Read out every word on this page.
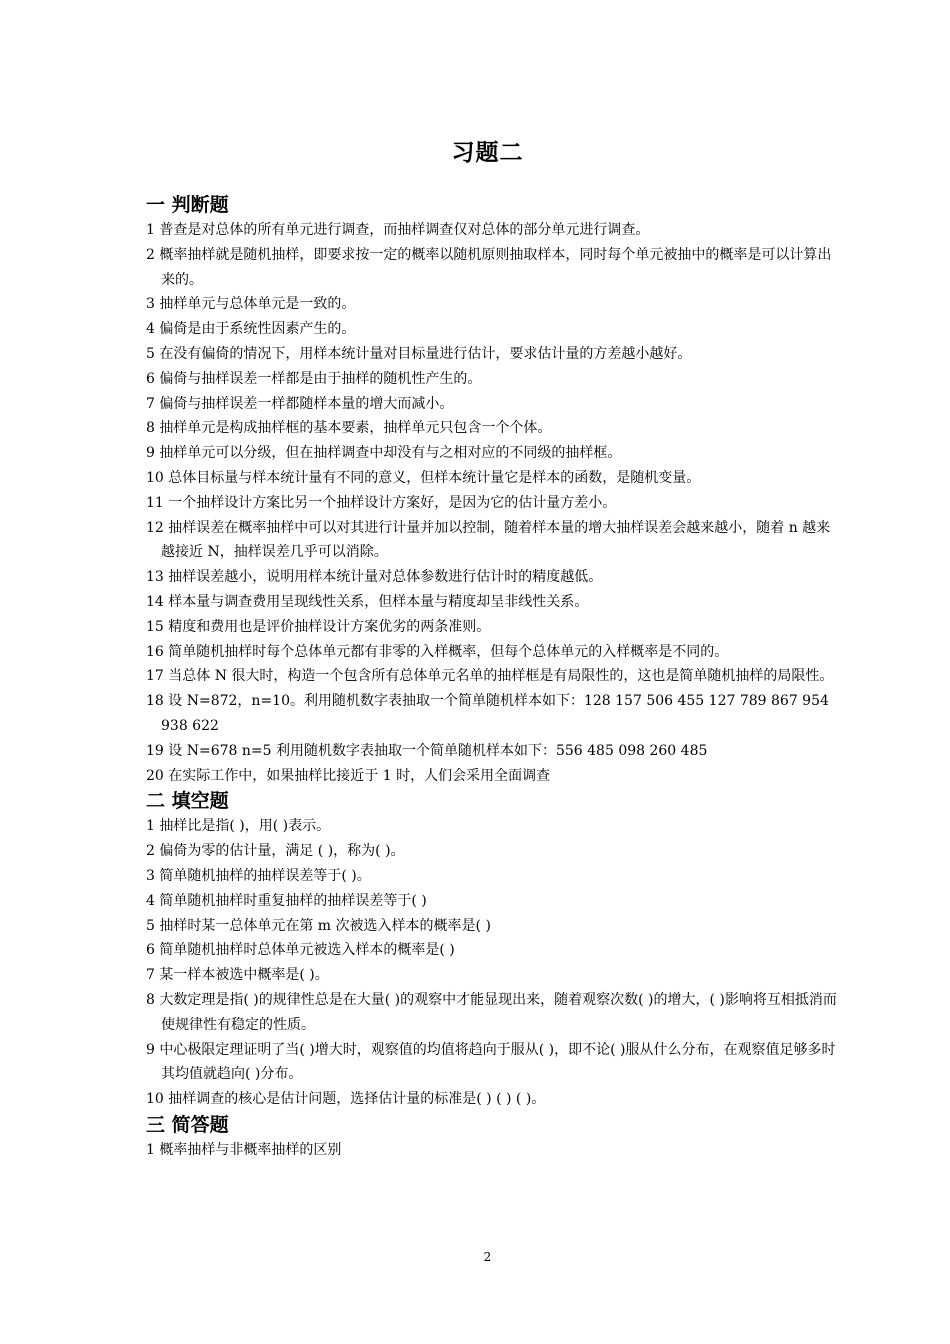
习题二
一 判断题
1 普查是对总体的所有单元进行调查，而抽样调查仅对总体的部分单元进行调查。
2 概率抽样就是随机抽样，即要求按一定的概率以随机原则抽取样本，同时每个单元被抽中的概率是可以计算出来的。
3 抽样单元与总体单元是一致的。
4 偏倚是由于系统性因素产生的。
5 在没有偏倚的情况下，用样本统计量对目标量进行估计，要求估计量的方差越小越好。
6 偏倚与抽样误差一样都是由于抽样的随机性产生的。
7 偏倚与抽样误差一样都随样本量的增大而减小。
8 抽样单元是构成抽样框的基本要素，抽样单元只包含一个个体。
9 抽样单元可以分级，但在抽样调查中却没有与之相对应的不同级的抽样框。
10 总体目标量与样本统计量有不同的意义，但样本统计量它是样本的函数，是随机变量。
11 一个抽样设计方案比另一个抽样设计方案好，是因为它的估计量方差小。
12 抽样误差在概率抽样中可以对其进行计量并加以控制，随着样本量的增大抽样误差会越来越小，随着 n 越来越接近 N，抽样误差几乎可以消除。
13 抽样误差越小，说明用样本统计量对总体参数进行估计时的精度越低。
14 样本量与调查费用呈现线性关系，但样本量与精度却呈非线性关系。
15 精度和费用也是评价抽样设计方案优劣的两条准则。
16 简单随机抽样时每个总体单元都有非零的入样概率，但每个总体单元的入样概率是不同的。
17 当总体 N 很大时，构造一个包含所有总体单元名单的抽样框是有局限性的，这也是简单随机抽样的局限性。
18 设 N=872，n=10。利用随机数字表抽取一个简单随机样本如下：128 157 506 455 127 789 867 954 938 622
19 设 N=678 n=5 利用随机数字表抽取一个简单随机样本如下：556 485 098 260 485
20 在实际工作中，如果抽样比接近于 1 时，人们会采用全面调查
二 填空题
1 抽样比是指( )，用( )表示。
2 偏倚为零的估计量，满足 ( )，称为( )。
3 简单随机抽样的抽样误差等于( )。
4 简单随机抽样时重复抽样的抽样误差等于( )
5 抽样时某一总体单元在第 m 次被选入样本的概率是( )
6 简单随机抽样时总体单元被选入样本的概率是( )
7 某一样本被选中概率是( )。
8 大数定理是指( )的规律性总是在大量( )的观察中才能显现出来，随着观察次数( )的增大，( )影响将互相抵消而使规律性有稳定的性质。
9 中心极限定理证明了当( )增大时，观察值的均值将趋向于服从( )，即不论( )服从什么分布，在观察值足够多时其均值就趋向( )分布。
10 抽样调查的核心是估计问题，选择估计量的标准是( ) ( ) ( )。
三 简答题
1 概率抽样与非概率抽样的区别
2
